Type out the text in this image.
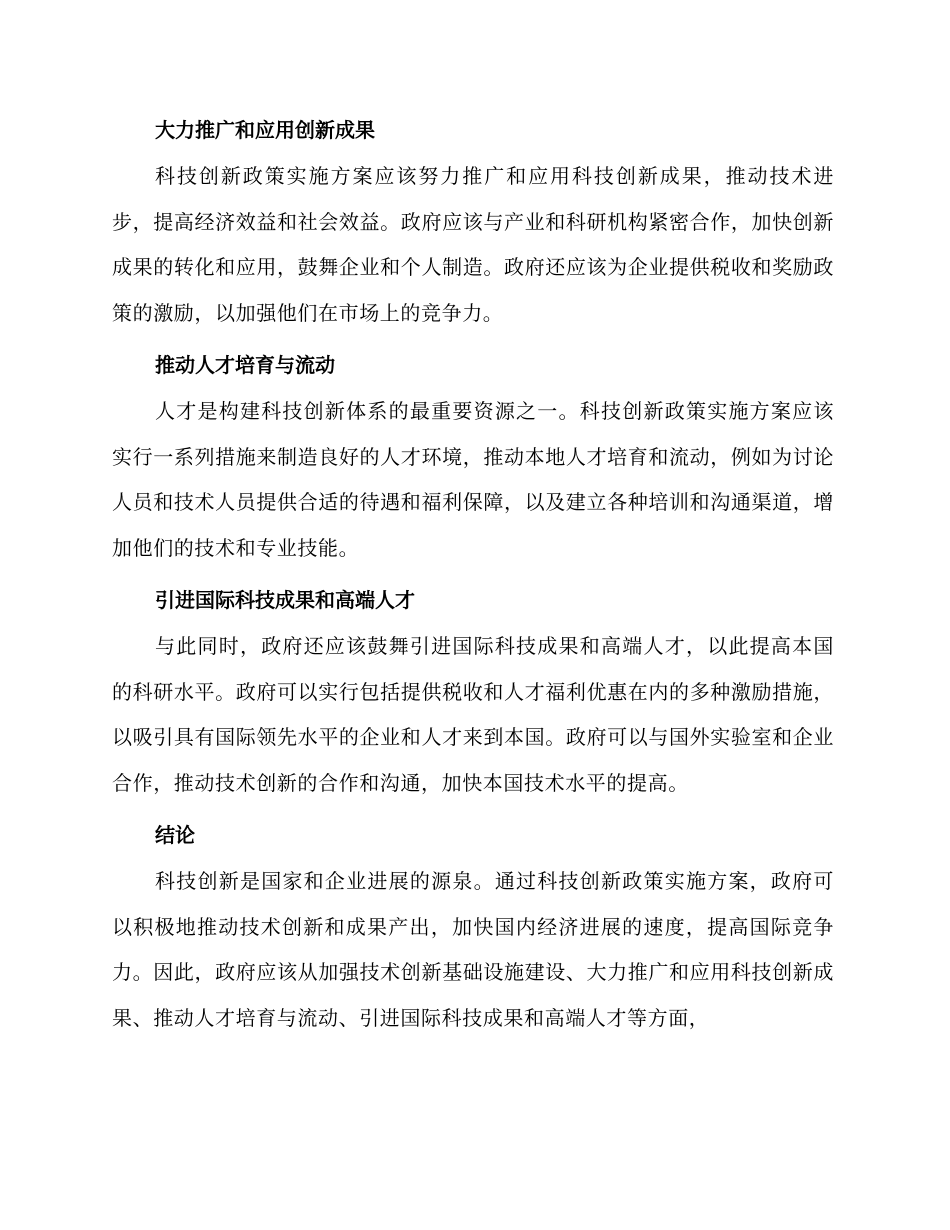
大力推广和应用创新成果

科技创新政策实施方案应该努力推广和应用科技创新成果，推动技术进步，提高经济效益和社会效益。政府应该与产业和科研机构紧密合作，加快创新成果的转化和应用，鼓舞企业和个人制造。政府还应该为企业提供税收和奖励政策的激励，以加强他们在市场上的竞争力。

推动人才培育与流动

人才是构建科技创新体系的最重要资源之一。科技创新政策实施方案应该实行一系列措施来制造良好的人才环境，推动本地人才培育和流动，例如为讨论人员和技术人员提供合适的待遇和福利保障，以及建立各种培训和沟通渠道，增加他们的技术和专业技能。

引进国际科技成果和高端人才

与此同时，政府还应该鼓舞引进国际科技成果和高端人才，以此提高本国的科研水平。政府可以实行包括提供税收和人才福利优惠在内的多种激励措施，以吸引具有国际领先水平的企业和人才来到本国。政府可以与国外实验室和企业合作，推动技术创新的合作和沟通，加快本国技术水平的提高。

结论

科技创新是国家和企业进展的源泉。通过科技创新政策实施方案，政府可以积极地推动技术创新和成果产出，加快国内经济进展的速度，提高国际竞争力。因此，政府应该从加强技术创新基础设施建设、大力推广和应用科技创新成果、推动人才培育与流动、引进国际科技成果和高端人才等方面，
